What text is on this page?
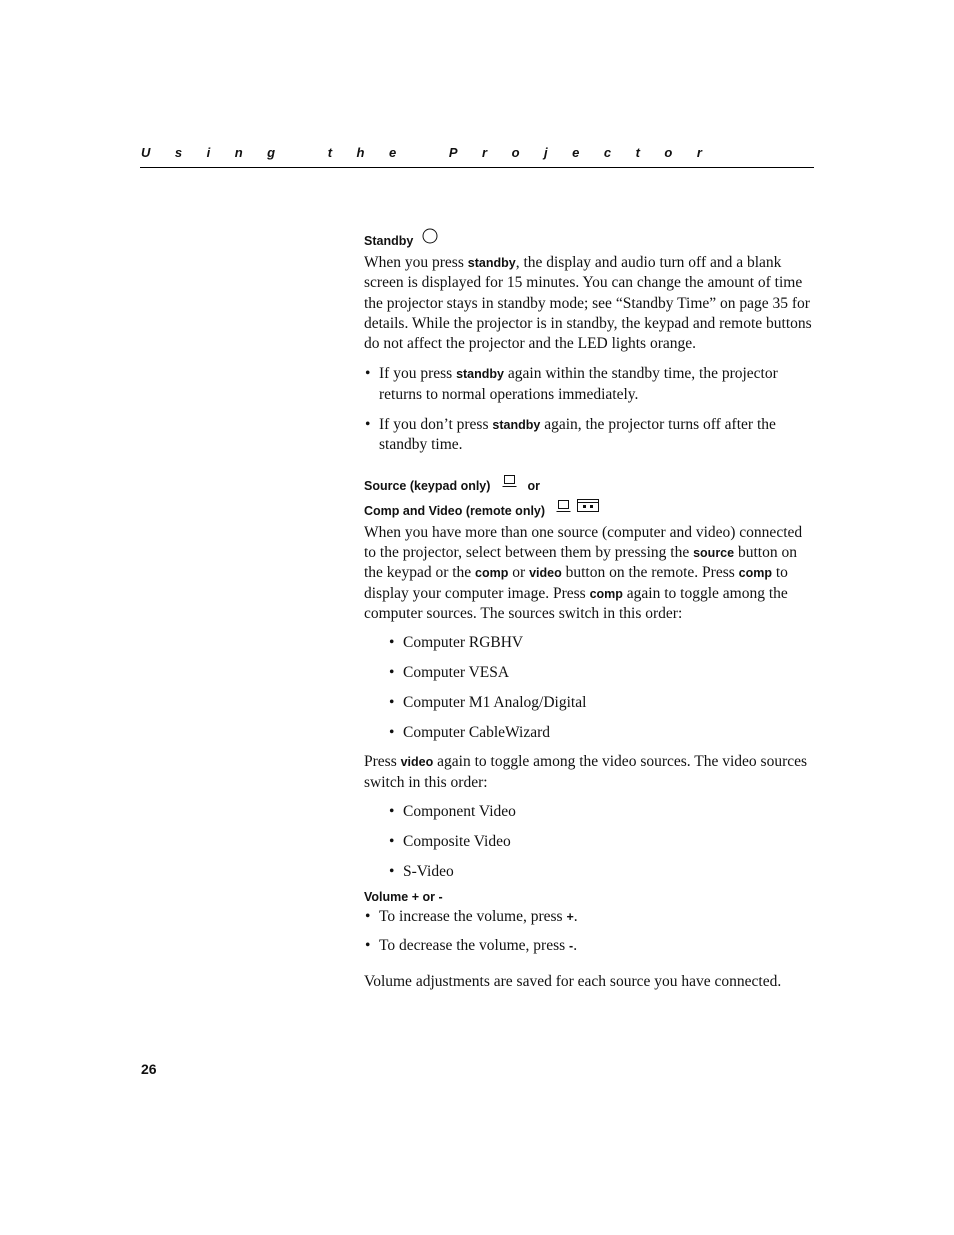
Using the Projector
Standby

When you press standby, the display and audio turn off and a blank screen is displayed for 15 minutes. You can change the amount of time the projector stays in standby mode; see “Standby Time” on page 35 for details. While the projector is in standby, the keypad and remote buttons do not affect the projector and the LED lights orange.

• If you press standby again within the standby time, the projector returns to normal operations immediately.
• If you don’t press standby again, the projector turns off after the standby time.
Source (keypad only)	or
Comp and Video (remote only)

When you have more than one source (computer and video) connected to the projector, select between them by pressing the source button on the keypad or the comp or video button on the remote. Press comp to display your computer image. Press comp again to toggle among the computer sources. The sources switch in this order:

• Computer RGBHV
• Computer VESA
• Computer M1 Analog/Digital
• Computer CableWizard

Press video again to toggle among the video sources. The video sources switch in this order:

• Component Video
• Composite Video
• S-Video
Volume + or -
• To increase the volume, press +.
• To decrease the volume, press -.

Volume adjustments are saved for each source you have connected.

26
